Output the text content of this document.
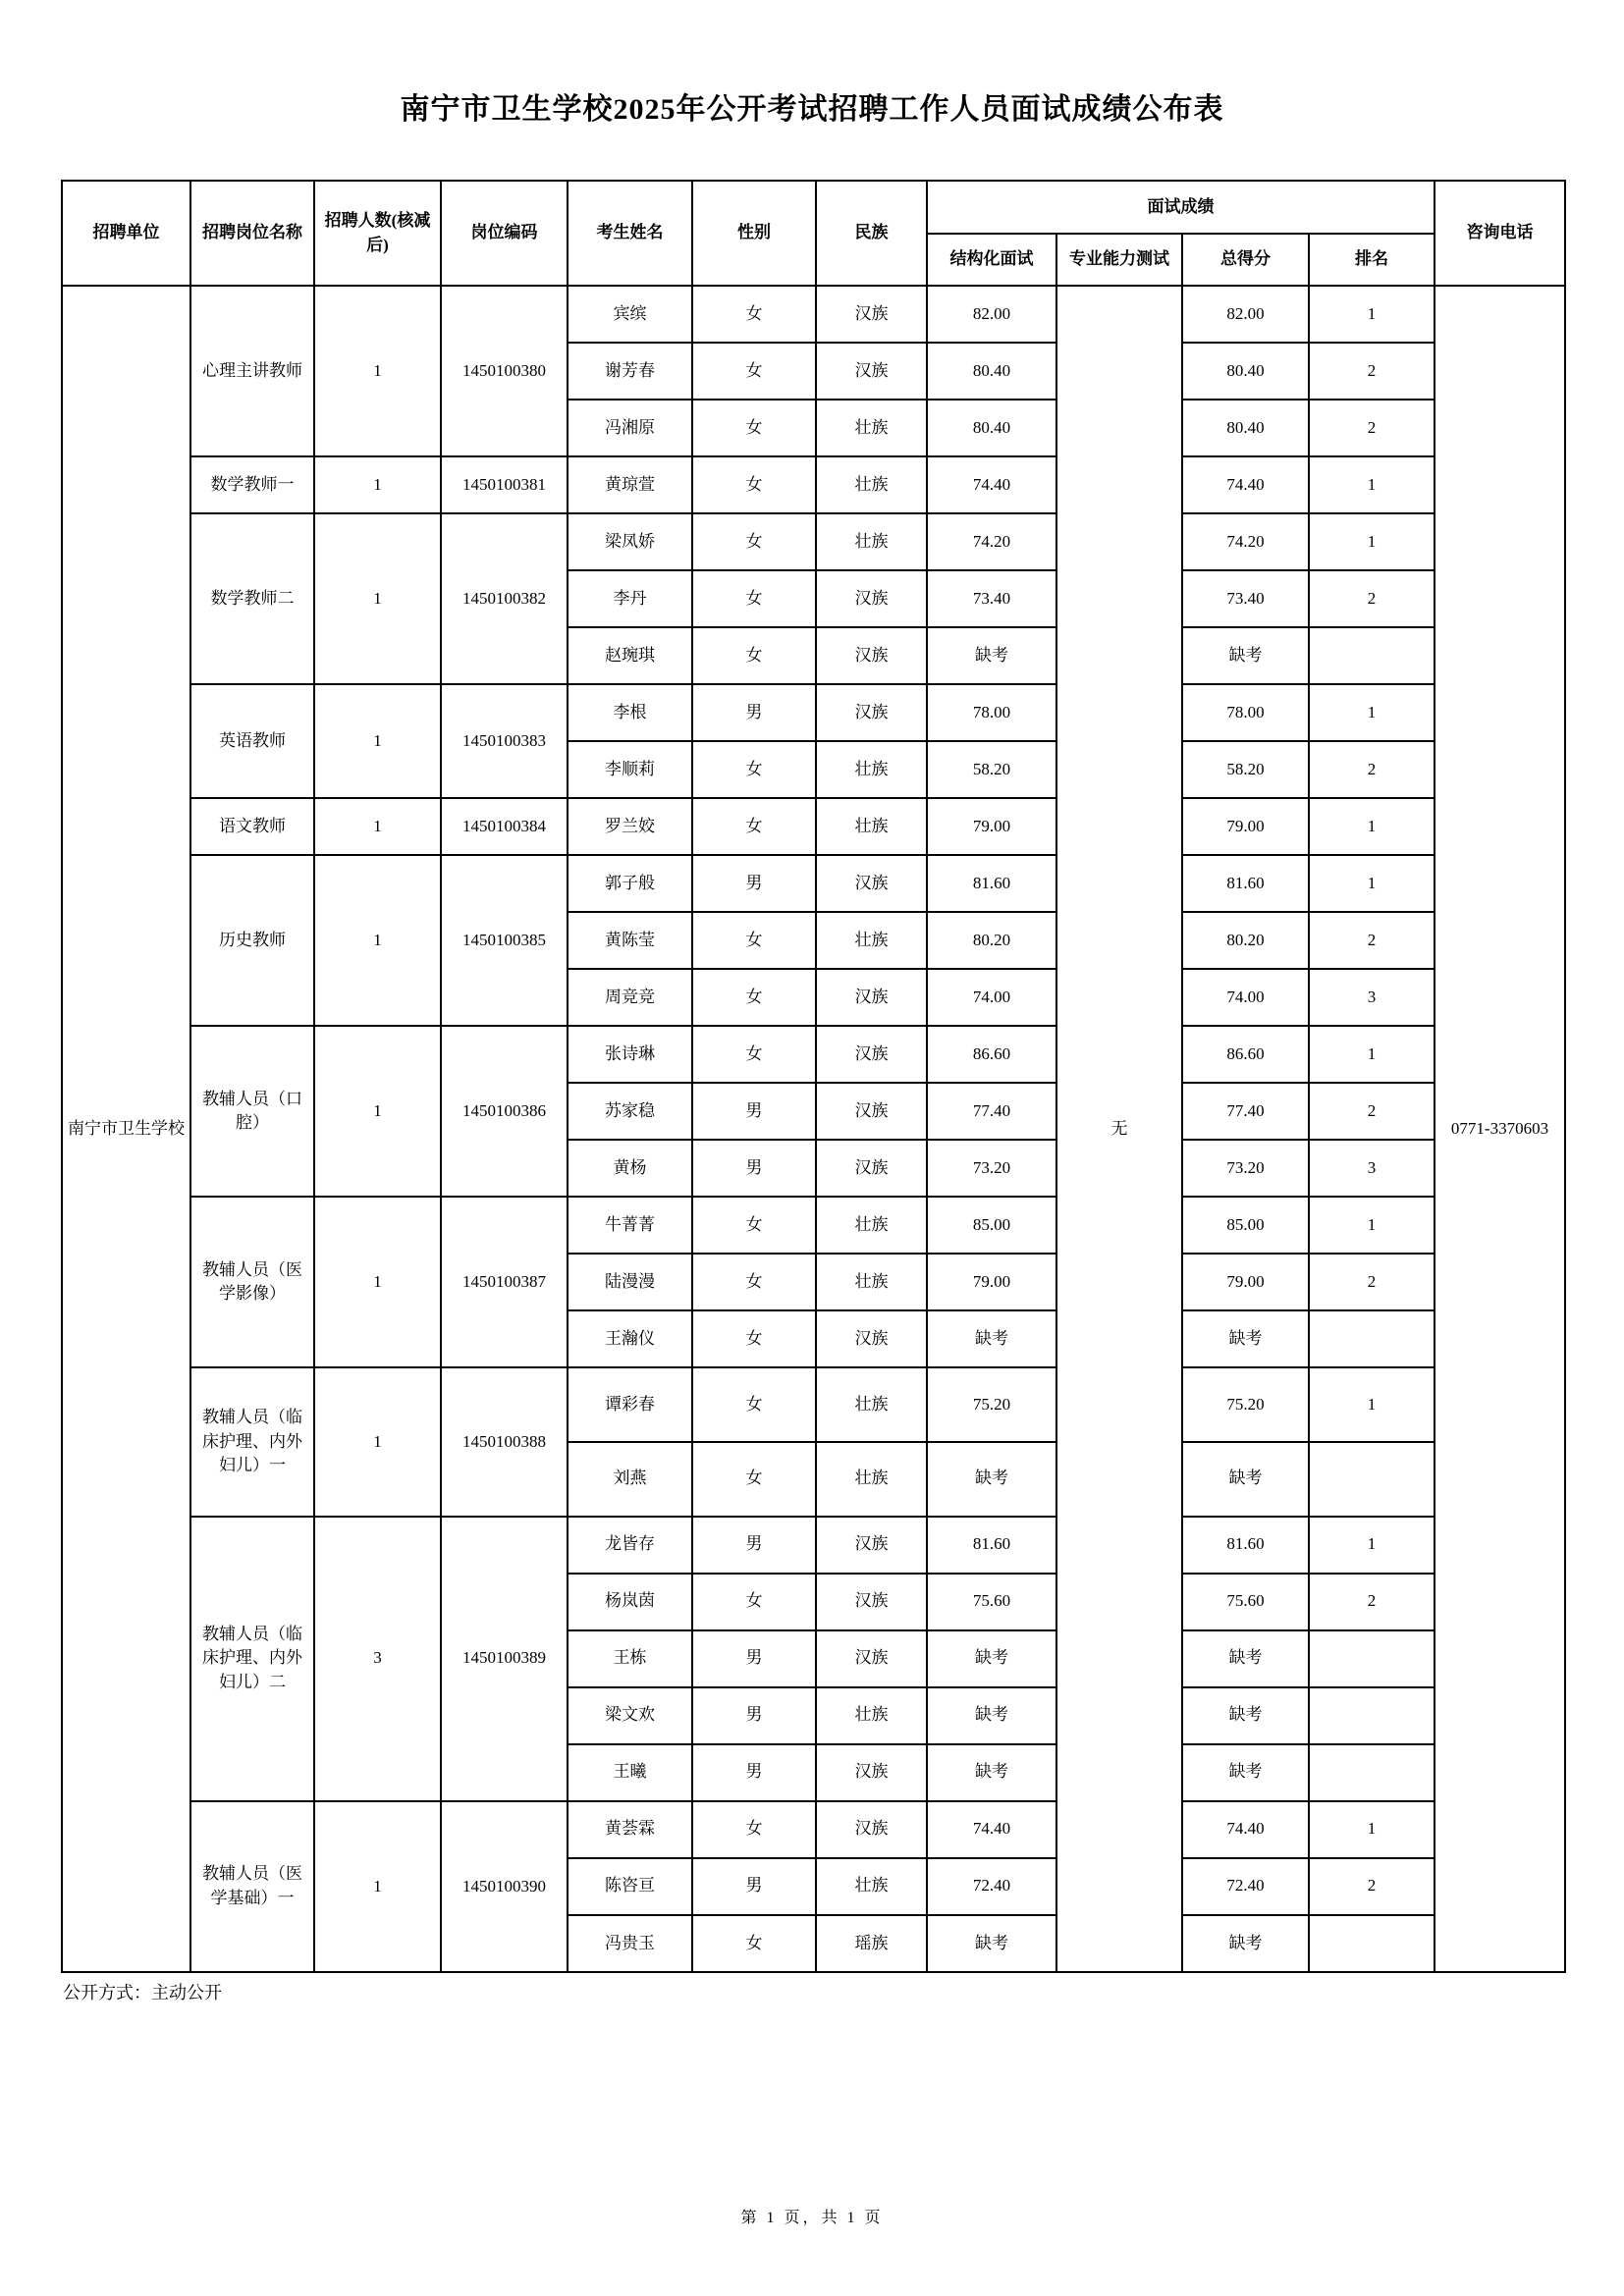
南宁市卫生学校2025年公开考试招聘工作人员面试成绩公布表
招聘单位	招聘岗位名称	招聘人数(核减后)	岗位编码	考生姓名	性别	民族	面试成绩				咨询电话
							结构化面试	专业能力测试	总得分	排名	
南宁市卫生学校	心理主讲教师	1	1450100380	宾缤	女	汉族	82.00	无	82.00	1	0771-3370603
				谢芳春	女	汉族	80.40		80.40	2	
				冯湘原	女	壮族	80.40		80.40	2	
	数学教师一	1	1450100381	黄琼萱	女	壮族	74.40		74.40	1	
	数学教师二	1	1450100382	梁凤娇	女	壮族	74.20		74.20	1	
				李丹	女	汉族	73.40		73.40	2	
				赵琬琪	女	汉族	缺考		缺考		
	英语教师	1	1450100383	李根	男	汉族	78.00		78.00	1	
				李顺莉	女	壮族	58.20		58.20	2	
	语文教师	1	1450100384	罗兰姣	女	壮族	79.00		79.00	1	
	历史教师	1	1450100385	郭子般	男	汉族	81.60		81.60	1	
				黄陈莹	女	壮族	80.20		80.20	2	
				周竞竞	女	汉族	74.00		74.00	3	
	教辅人员（口腔）	1	1450100386	张诗琳	女	汉族	86.60		86.60	1	
				苏家稳	男	汉族	77.40		77.40	2	
				黄杨	男	汉族	73.20		73.20	3	
	教辅人员（医学影像）	1	1450100387	牛菁菁	女	壮族	85.00		85.00	1	
				陆漫漫	女	壮族	79.00		79.00	2	
				王瀚仪	女	汉族	缺考		缺考		
	教辅人员（临床护理、内外妇儿）一	1	1450100388	谭彩春	女	壮族	75.20		75.20	1	
				刘燕	女	壮族	缺考		缺考		
	教辅人员（临床护理、内外妇儿）二	3	1450100389	龙皆存	男	汉族	81.60		81.60	1	
				杨岚茵	女	汉族	75.60		75.60	2	
				王栋	男	汉族	缺考		缺考		
				梁文欢	男	壮族	缺考		缺考		
				王曦	男	汉族	缺考		缺考		
	教辅人员（医学基础）一	1	1450100390	黄荟霖	女	汉族	74.40		74.40	1	
				陈咨亘	男	壮族	72.40		72.40	2	
				冯贵玉	女	瑶族	缺考		缺考		
公开方式：主动公开
第 1 页，共 1 页
